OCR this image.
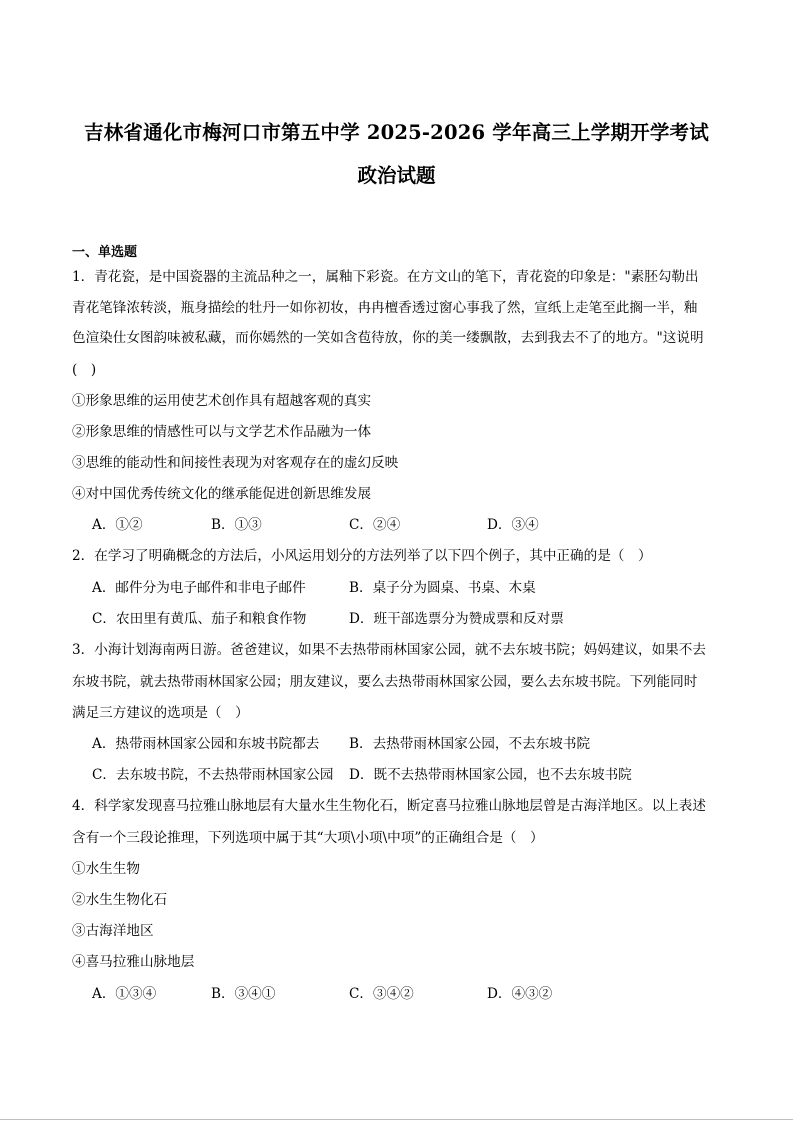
吉林省通化市梅河口市第五中学 2025-2026 学年高三上学期开学考试
政治试题
一、单选题
1．青花瓷，是中国瓷器的主流品种之一，属釉下彩瓷。在方文山的笔下，青花瓷的印象是："素胚勾勒出
青花笔锋浓转淡，瓶身描绘的牡丹一如你初妆，冉冉檀香透过窗心事我了然，宣纸上走笔至此搁一半，釉
色渲染仕女图韵味被私藏，而你嫣然的一笑如含苞待放，你的美一缕飘散，去到我去不了的地方。"这说明
(　)
①形象思维的运用使艺术创作具有超越客观的真实
②形象思维的情感性可以与文学艺术作品融为一体
③思维的能动性和间接性表现为对客观存在的虚幻反映
④对中国优秀传统文化的继承能促进创新思维发展
A．①②	B．①③	C．②④	D．③④
2．在学习了明确概念的方法后，小风运用划分的方法列举了以下四个例子，其中正确的是（　）
A．邮件分为电子邮件和非电子邮件	B．桌子分为圆桌、书桌、木桌
C．农田里有黄瓜、茄子和粮食作物	D．班干部选票分为赞成票和反对票
3．小海计划海南两日游。爸爸建议，如果不去热带雨林国家公园，就不去东坡书院；妈妈建议，如果不去
东坡书院，就去热带雨林国家公园；朋友建议，要么去热带雨林国家公园，要么去东坡书院。下列能同时
满足三方建议的选项是（　）
A．热带雨林国家公园和东坡书院都去 B．去热带雨林国家公园，不去东坡书院
C．去东坡书院，不去热带雨林国家公园 D．既不去热带雨林国家公园，也不去东坡书院
4．科学家发现喜马拉雅山脉地层有大量水生生物化石，断定喜马拉雅山脉地层曾是古海洋地区。以上表述
含有一个三段论推理，下列选项中属于其“大项\小项\中项”的正确组合是（　）
①水生生物
②水生生物化石
③古海洋地区
④喜马拉雅山脉地层
A．①③④	B．③④①	C．③④②	D．④③②
